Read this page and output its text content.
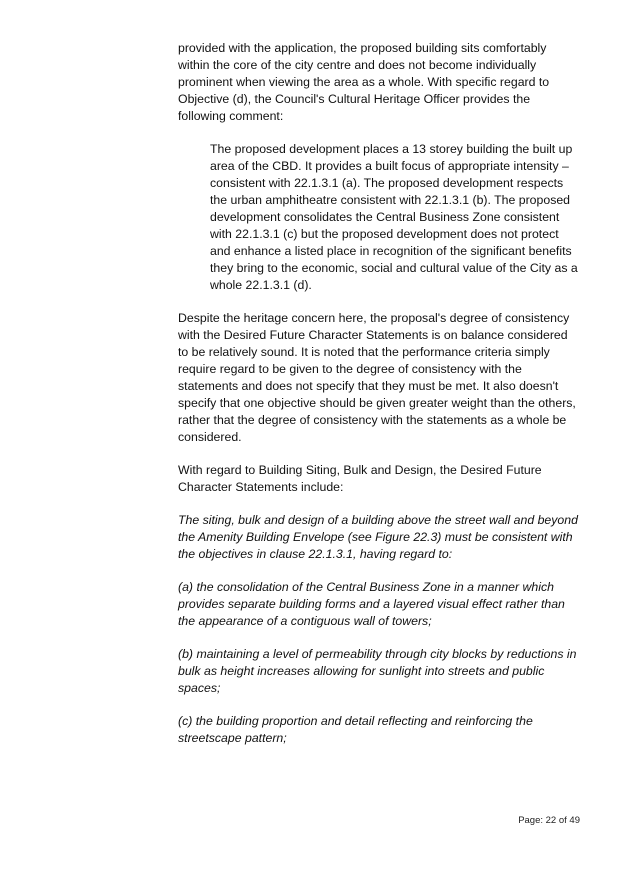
provided with the application, the proposed building sits comfortably within the core of the city centre and does not become individually prominent when viewing the area as a whole. With specific regard to Objective (d), the Council's Cultural Heritage Officer provides the following comment:

The proposed development places a 13 storey building the built up area of the CBD. It provides a built focus of appropriate intensity – consistent with 22.1.3.1 (a). The proposed development respects the urban amphitheatre consistent with 22.1.3.1 (b). The proposed development consolidates the Central Business Zone consistent with 22.1.3.1 (c) but the proposed development does not protect and enhance a listed place in recognition of the significant benefits they bring to the economic, social and cultural value of the City as a whole 22.1.3.1 (d).

Despite the heritage concern here, the proposal's degree of consistency with the Desired Future Character Statements is on balance considered to be relatively sound. It is noted that the performance criteria simply require regard to be given to the degree of consistency with the statements and does not specify that they must be met. It also doesn't specify that one objective should be given greater weight than the others, rather that the degree of consistency with the statements as a whole be considered.

With regard to Building Siting, Bulk and Design, the Desired Future Character Statements include:

The siting, bulk and design of a building above the street wall and beyond the Amenity Building Envelope (see Figure 22.3) must be consistent with the objectives in clause 22.1.3.1, having regard to:

(a) the consolidation of the Central Business Zone in a manner which provides separate building forms and a layered visual effect rather than the appearance of a contiguous wall of towers;

(b) maintaining a level of permeability through city blocks by reductions in bulk as height increases allowing for sunlight into streets and public spaces;

(c) the building proportion and detail reflecting and reinforcing the streetscape pattern;

Page: 22 of 49
